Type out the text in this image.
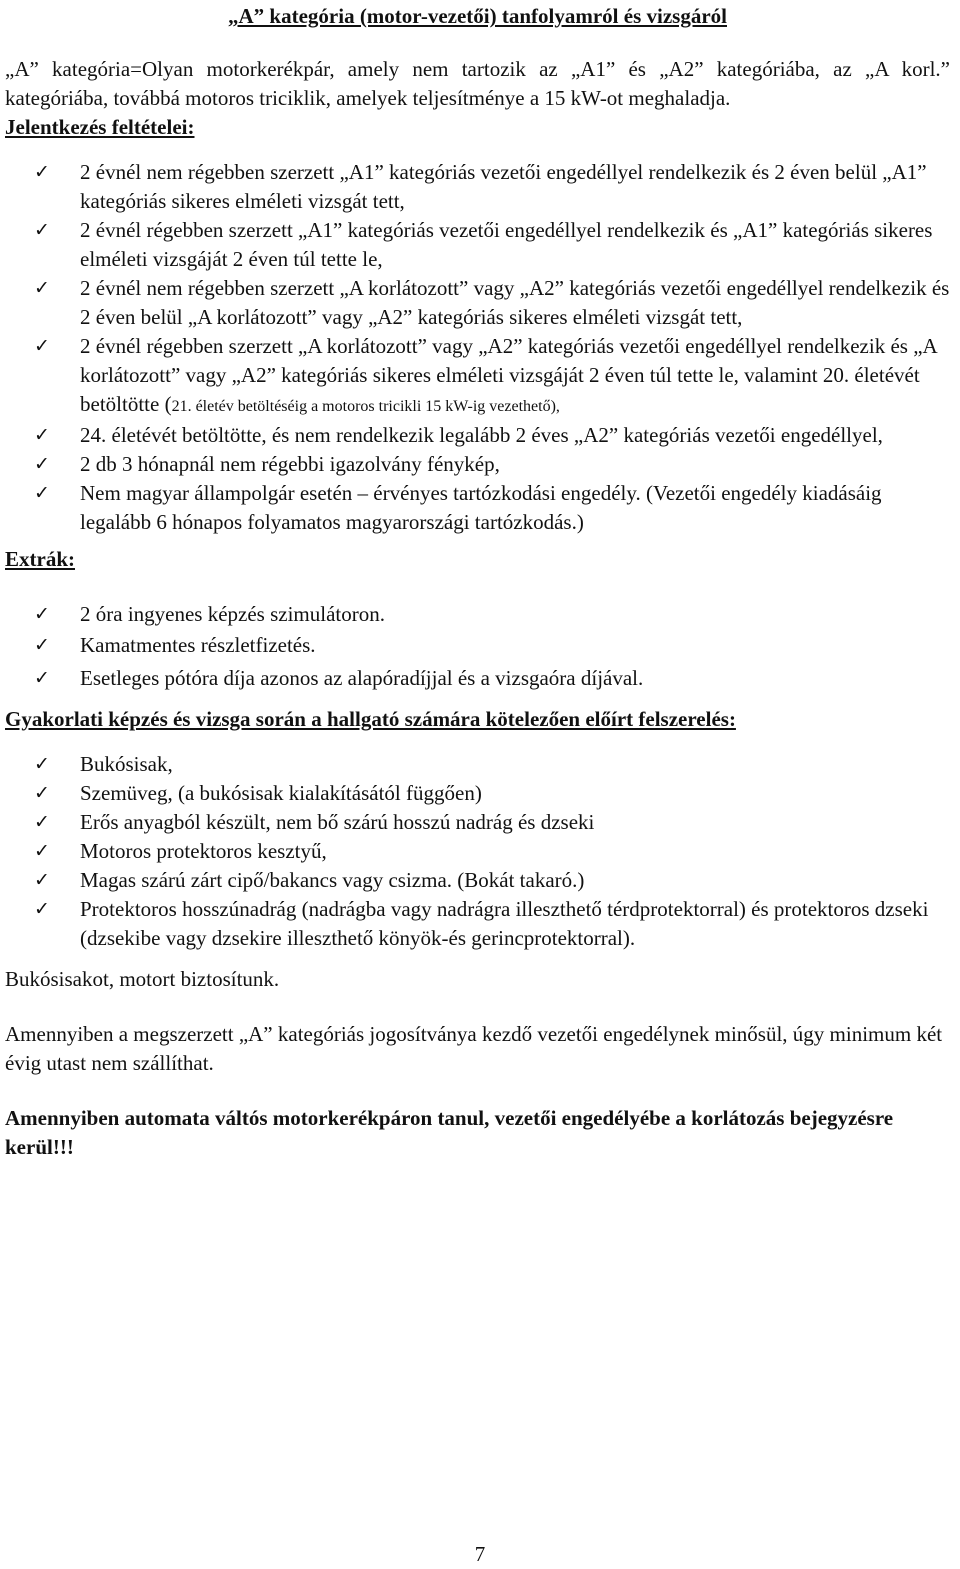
„A” kategória (motor-vezetői) tanfolyamról és vizsgáról

„A” kategória=Olyan motorkerékpár, amely nem tartozik az „A1” és „A2” kategóriába, az „A korl.” kategóriába, továbbá motoros triciklik, amelyek teljesítménye a 15 kW-ot meghaladja.

Jelentkezés feltételei:

✓ 2 évnél nem régebben szerzett „A1” kategóriás vezetői engedéllyel rendelkezik és 2 éven belül „A1” kategóriás sikeres elméleti vizsgát tett,
✓ 2 évnél régebben szerzett „A1” kategóriás vezetői engedéllyel rendelkezik és „A1” kategóriás sikeres elméleti vizsgáját 2 éven túl tette le,
✓ 2 évnél nem régebben szerzett „A korlátozott” vagy „A2” kategóriás vezetői engedéllyel rendelkezik és 2 éven belül „A korlátozott” vagy „A2” kategóriás sikeres elméleti vizsgát tett,
✓ 2 évnél régebben szerzett „A korlátozott” vagy „A2” kategóriás vezetői engedéllyel rendelkezik és „A korlátozott” vagy „A2” kategóriás sikeres elméleti vizsgáját 2 éven túl tette le, valamint 20. életévét betöltötte (21. életév betöltéséig a motoros tricikli 15 kW-ig vezethető),
✓ 24. életévét betöltötte, és nem rendelkezik legalább 2 éves „A2” kategóriás vezetői engedéllyel,
✓ 2 db 3 hónapnál nem régebbi igazolvány fénykép,
✓ Nem magyar állampolgár esetén – érvényes tartózkodási engedély. (Vezetői engedély kiadásáig legalább 6 hónapos folyamatos magyarországi tartózkodás.)

Extrák:

✓ 2 óra ingyenes képzés szimulátoron.
✓ Kamatmentes részletfizetés.
✓ Esetleges pótóra díja azonos az alapóradíjjal és a vizsgaóra díjával.

Gyakorlati képzés és vizsga során a hallgató számára kötelezően előírt felszerelés:

✓ Bukósisak,
✓ Szemüveg, (a bukósisak kialakításától függően)
✓ Erős anyagból készült, nem bő szárú hosszú nadrág és dzseki
✓ Motoros protektoros kesztyű,
✓ Magas szárú zárt cipő/bakancs vagy csizma. (Bokát takaró.)
✓ Protektoros hosszúnadrág (nadrágba vagy nadrágra illeszthető térdprotektorral) és protektoros dzseki (dzsekibe vagy dzsekire illeszthető könyök-és gerincprotektorral).

Bukósisakot, motort biztosítunk.

Amennyiben a megszerzett „A” kategóriás jogosítványa kezdő vezetői engedélynek minősül, úgy minimum két évig utast nem szállíthat.

Amennyiben automata váltós motorkerékpáron tanul, vezetői engedélyébe a korlátozás bejegyzésre kerül!!!

7
